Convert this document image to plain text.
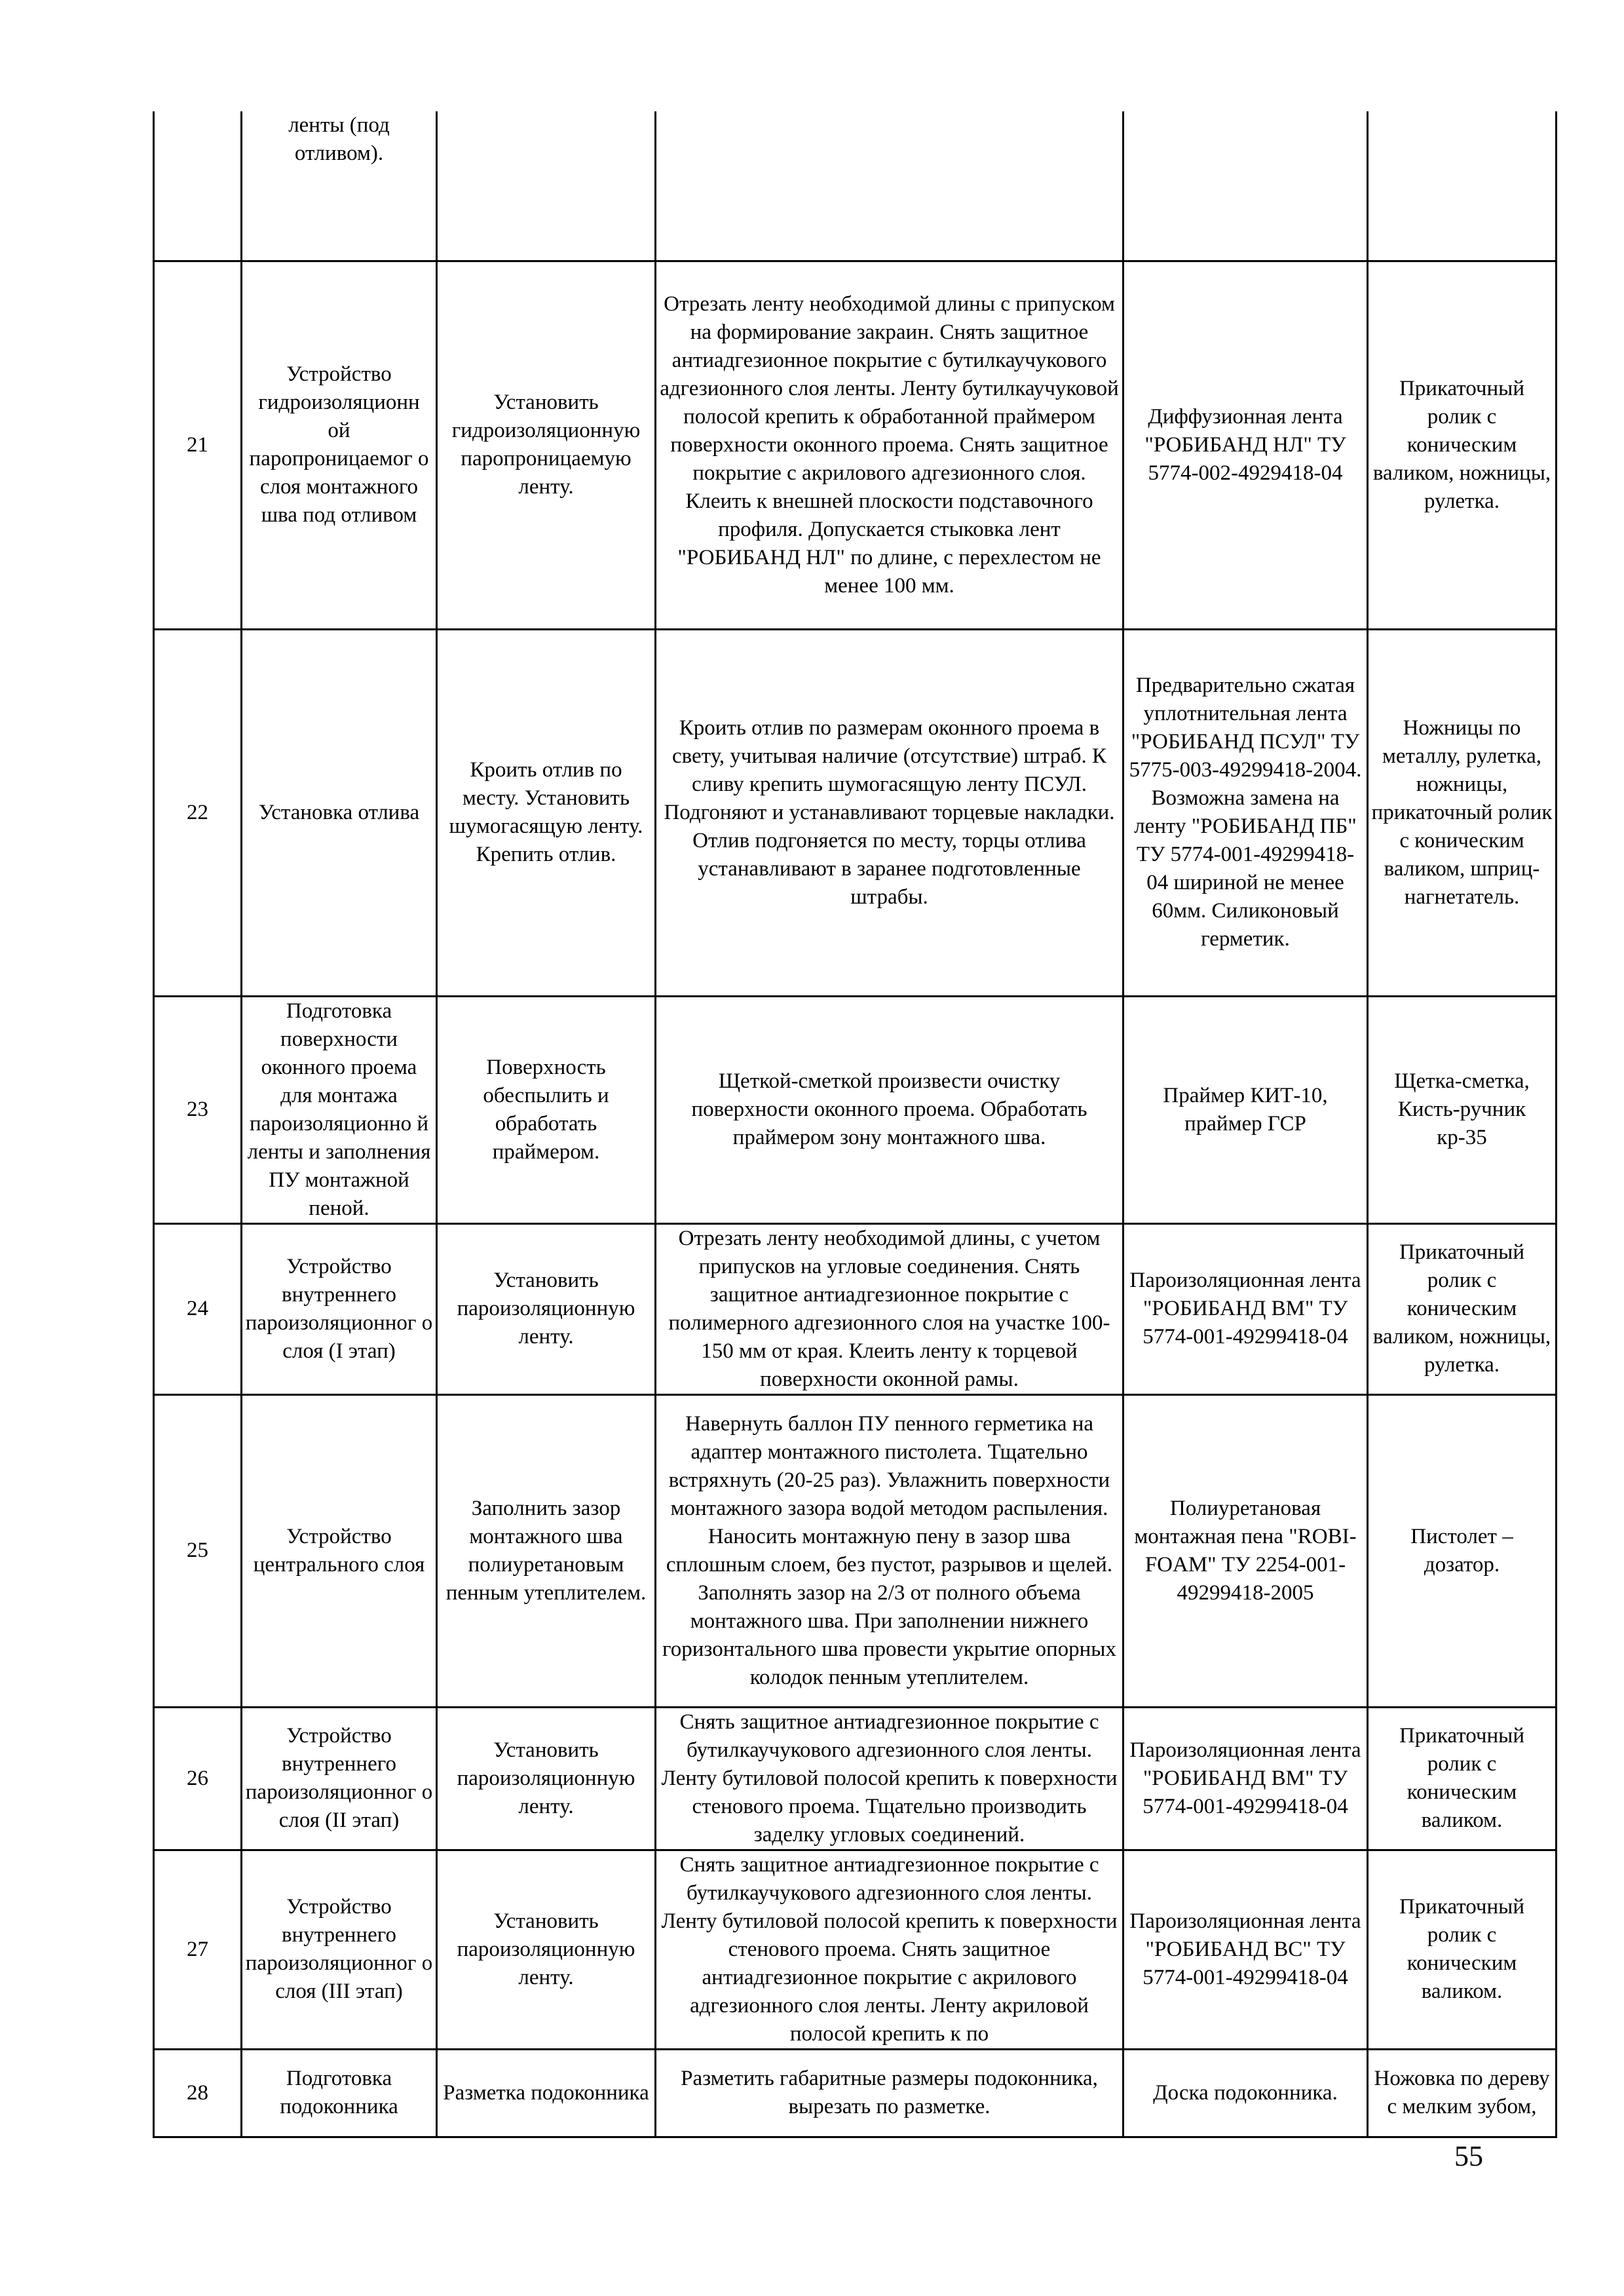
	ленты (под отливом).				

21	Устройство гидроизоляционн ой паропроницаемог о слоя монтажного шва под отливом	Установить гидроизоляционную паропроницаемую ленту.	Отрезать ленту необходимой длины с припуском на формирование закраин. Снять защитное антиадгезионное покрытие с бутилкаучукового адгезионного слоя ленты. Ленту бутилкаучуковой полосой крепить к обработанной праймером поверхности оконного проема. Снять защитное покрытие с акрилового адгезионного слоя. Клеить к внешней плоскости подставочного профиля. Допускается стыковка лент "РОБИБАНД НЛ" по длине, с перехлестом не менее 100 мм.	Диффузионная лента "РОБИБАНД НЛ" ТУ 5774-002-4929418-04	Прикаточный ролик с коническим валиком, ножницы, рулетка.

22	Установка отлива	Кроить отлив по месту. Установить шумогасящую ленту. Крепить отлив.	Кроить отлив по размерам оконного проема в свету, учитывая наличие (отсутствие) штраб. К сливу крепить шумогасящую ленту ПСУЛ. Подгоняют и устанавливают торцевые накладки. Отлив подгоняется по месту, торцы отлива устанавливают в заранее подготовленные штрабы.	Предварительно сжатая уплотнительная лента "РОБИБАНД ПСУЛ" ТУ 5775-003-49299418-2004. Возможна замена на ленту "РОБИБАНД ПБ" ТУ 5774-001-49299418-04 шириной не менее 60мм. Силиконовый герметик.	Ножницы по металлу, рулетка, ножницы, прикаточный ролик с коническим валиком, шприц-нагнетатель.

23	Подготовка поверхности оконного проема для монтажа пароизоляционно й ленты и заполнения ПУ монтажной пеной.	Поверхность обеспылить и обработать праймером.	Щеткой-сметкой произвести очистку поверхности оконного проема. Обработать праймером зону монтажного шва.	Праймер КИТ-10, праймер ГСР	Щетка-сметка, Кисть-ручник кр-35

24	Устройство внутреннего пароизоляционног о слоя (I этап)	Установить пароизоляционную ленту.	Отрезать ленту необходимой длины, с учетом припусков на угловые соединения. Снять защитное антиадгезионное покрытие с полимерного адгезионного слоя на участке 100-150 мм от края. Клеить ленту к торцевой поверхности оконной рамы.	Пароизоляционная лента "РОБИБАНД ВМ" ТУ 5774-001-49299418-04	Прикаточный ролик с коническим валиком, ножницы, рулетка.

25	Устройство центрального слоя	Заполнить зазор монтажного шва полиуретановым пенным утеплителем.	Навернуть баллон ПУ пенного герметика на адаптер монтажного пистолета. Тщательно встряхнуть (20-25 раз). Увлажнить поверхности монтажного зазора водой методом распыления. Наносить монтажную пену в зазор шва сплошным слоем, без пустот, разрывов и щелей. Заполнять зазор на 2/3 от полного объема монтажного шва. При заполнении нижнего горизонтального шва провести укрытие опорных колодок пенным утеплителем.	Полиуретановая монтажная пена "ROBI-FOAM" ТУ 2254-001-49299418-2005	Пистолет – дозатор.

26	Устройство внутреннего пароизоляционног о слоя (II этап)	Установить пароизоляционную ленту.	Снять защитное антиадгезионное покрытие с бутилкаучукового адгезионного слоя ленты. Ленту бутиловой полосой крепить к поверхности стенового проема. Тщательно производить заделку угловых соединений.	Пароизоляционная лента "РОБИБАНД ВМ" ТУ 5774-001-49299418-04	Прикаточный ролик с коническим валиком.

27	Устройство внутреннего пароизоляционног о слоя (III этап)	Установить пароизоляционную ленту.	Снять защитное антиадгезионное покрытие с бутилкаучукового адгезионного слоя ленты. Ленту бутиловой полосой крепить к поверхности стенового проема. Снять защитное антиадгезионное покрытие с акрилового адгезионного слоя ленты. Ленту акриловой полосой крепить к по	Пароизоляционная лента "РОБИБАНД ВС" ТУ 5774-001-49299418-04	Прикаточный ролик с коническим валиком.

28	Подготовка подоконника	Разметка подоконника	Разметить габаритные размеры подоконника, вырезать по разметке.	Доска подоконника.	Ножовка по дереву с мелким зубом,
55
